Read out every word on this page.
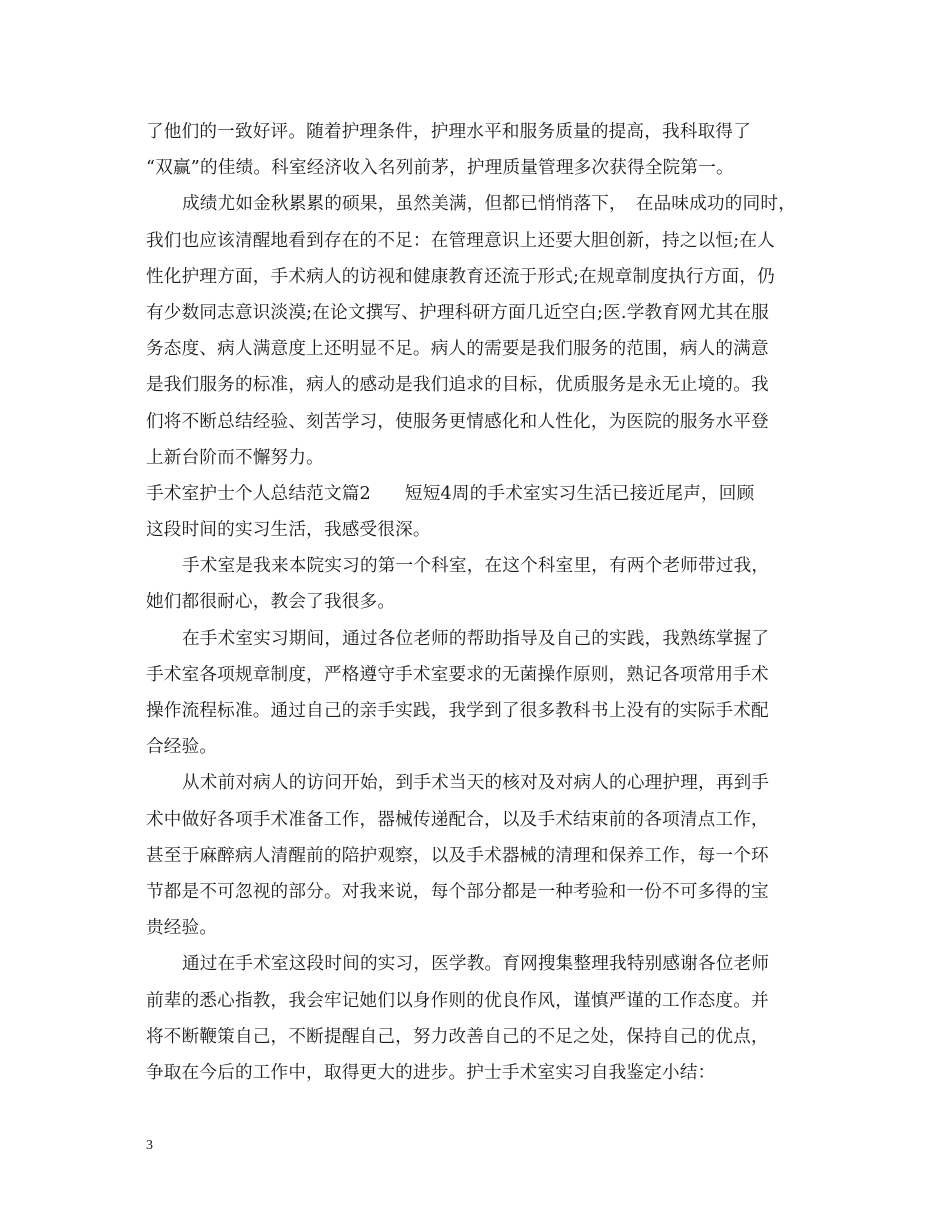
了他们的一致好评。随着护理条件，护理水平和服务质量的提高，我科取得了
“双赢”的佳绩。科室经济收入名列前茅，护理质量管理多次获得全院第一。
成绩尤如金秋累累的硕果，虽然美满，但都已悄悄落下，　在品味成功的同时，
我们也应该清醒地看到存在的不足：在管理意识上还要大胆创新，持之以恒;在人
性化护理方面，手术病人的访视和健康教育还流于形式;在规章制度执行方面，仍
有少数同志意识淡漠;在论文撰写、护理科研方面几近空白;医.学教育网尤其在服
务态度、病人满意度上还明显不足。病人的需要是我们服务的范围，病人的满意
是我们服务的标准，病人的感动是我们追求的目标，优质服务是永无止境的。我
们将不断总结经验、刻苦学习，使服务更情感化和人性化，为医院的服务水平登
上新台阶而不懈努力。
手术室护士个人总结范文篇2 短短4周的手术室实习生活已接近尾声，回顾
这段时间的实习生活，我感受很深。
手术室是我来本院实习的第一个科室，在这个科室里，有两个老师带过我，
她们都很耐心，教会了我很多。
在手术室实习期间，通过各位老师的帮助指导及自己的实践，我熟练掌握了
手术室各项规章制度，严格遵守手术室要求的无菌操作原则，熟记各项常用手术
操作流程标准。通过自己的亲手实践，我学到了很多教科书上没有的实际手术配
合经验。
从术前对病人的访问开始，到手术当天的核对及对病人的心理护理，再到手
术中做好各项手术准备工作，器械传递配合，以及手术结束前的各项清点工作，
甚至于麻醉病人清醒前的陪护观察，以及手术器械的清理和保养工作，每一个环
节都是不可忽视的部分。对我来说，每个部分都是一种考验和一份不可多得的宝
贵经验。
通过在手术室这段时间的实习，医学教。育网搜集整理我特别感谢各位老师
前辈的悉心指教，我会牢记她们以身作则的优良作风，谨慎严谨的工作态度。并
将不断鞭策自己，不断提醒自己，努力改善自己的不足之处，保持自己的优点，
争取在今后的工作中，取得更大的进步。护士手术室实习自我鉴定小结：
3
